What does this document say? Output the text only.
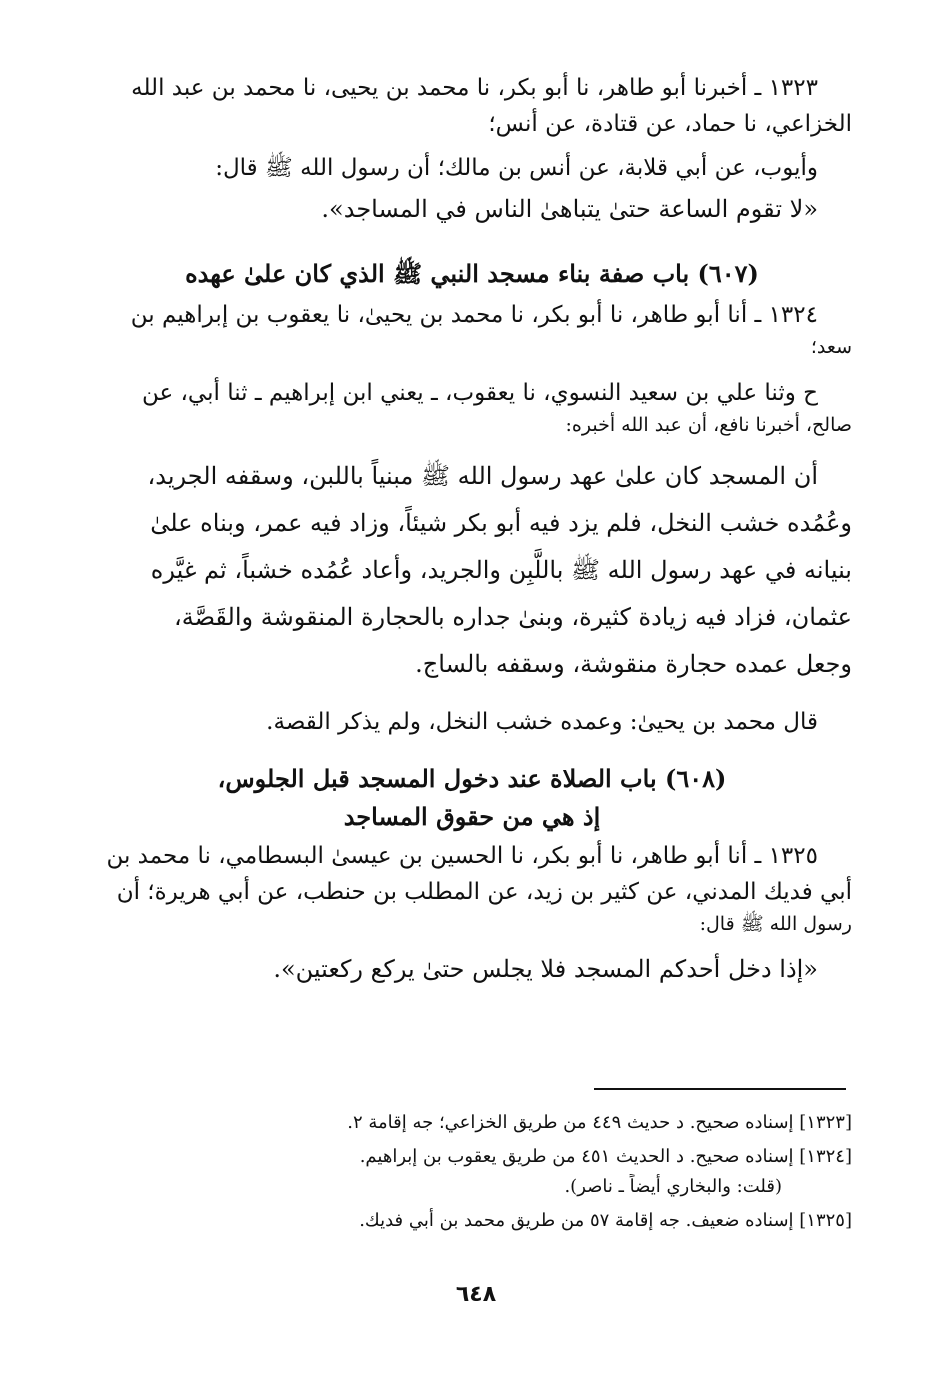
١٣٢٣ ـ أخبرنا أبو طاهر، نا أبو بكر، نا محمد بن يحيى، نا محمد بن عبد الله
الخزاعي، نا حماد، عن قتادة، عن أنس؛
وأيوب، عن أبي قلابة، عن أنس بن مالك؛ أن رسول الله ﷺ قال:
«لا تقوم الساعة حتىٰ يتباهىٰ الناس في المساجد».
(٦٠٧) باب صفة بناء مسجد النبي ﷺ الذي كان علىٰ عهده
١٣٢٤ ـ أنا أبو طاهر، نا أبو بكر، نا محمد بن يحيىٰ، نا يعقوب بن إبراهيم بن
سعد؛
ح وثنا علي بن سعيد النسوي، نا يعقوب، ـ يعني ابن إبراهيم ـ ثنا أبي، عن
صالح، أخبرنا نافع، أن عبد الله أخبره:
أن المسجد كان علىٰ عهد رسول الله ﷺ مبنياً باللبن، وسقفه الجريد،
وعُمُده خشب النخل، فلم يزد فيه أبو بكر شيئاً، وزاد فيه عمر، وبناه علىٰ
بنيانه في عهد رسول الله ﷺ باللَّبِن والجريد، وأعاد عُمُده خشباً، ثم غيَّره
عثمان، فزاد فيه زيادة كثيرة، وبنىٰ جداره بالحجارة المنقوشة والقَصَّة،
وجعل عمده حجارة منقوشة، وسقفه بالساج.
قال محمد بن يحيىٰ: وعمده خشب النخل، ولم يذكر القصة.
(٦٠٨) باب الصلاة عند دخول المسجد قبل الجلوس،
إذ هي من حقوق المساجد
١٣٢٥ ـ أنا أبو طاهر، نا أبو بكر، نا الحسين بن عيسىٰ البسطامي، نا محمد بن
أبي فديك المدني، عن كثير بن زيد، عن المطلب بن حنطب، عن أبي هريرة؛ أن
رسول الله ﷺ قال:
«إذا دخل أحدكم المسجد فلا يجلس حتىٰ يركع ركعتين».
[١٣٢٣] إسناده صحيح. د حديث ٤٤٩ من طريق الخزاعي؛ جه إقامة ٢.
[١٣٢٤] إسناده صحيح. د الحديث ٤٥١ من طريق يعقوب بن إبراهيم.
(قلت: والبخاري أيضاً ـ ناصر).
[١٣٢٥] إسناده ضعيف. جه إقامة ٥٧ من طريق محمد بن أبي فديك.
٦٤٨
